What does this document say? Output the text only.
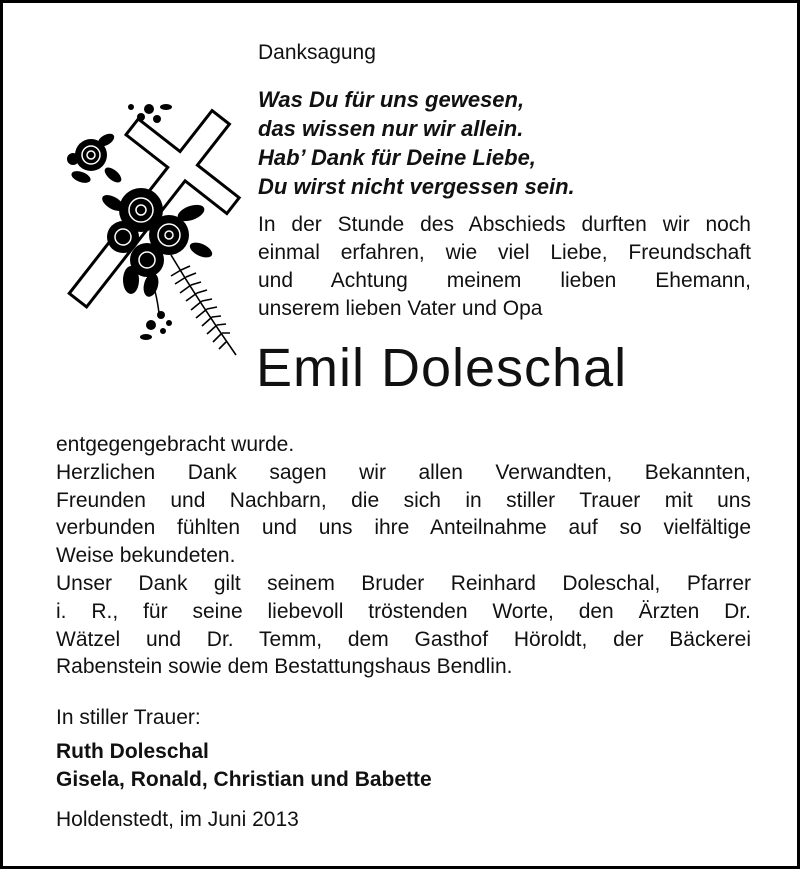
Danksagung
Was Du für uns gewesen,
das wissen nur wir allein.
Hab’ Dank für Deine Liebe,
Du wirst nicht vergessen sein.
In der Stunde des Abschieds durften wir noch
einmal erfahren, wie viel Liebe, Freundschaft
und Achtung meinem lieben Ehemann,
unserem lieben Vater und Opa
Emil Doleschal
entgegengebracht wurde.
Herzlichen Dank sagen wir allen Verwandten, Bekannten,
Freunden und Nachbarn, die sich in stiller Trauer mit uns
verbunden fühlten und uns ihre Anteilnahme auf so vielfältige
Weise bekundeten.
Unser Dank gilt seinem Bruder Reinhard Doleschal, Pfarrer
i. R., für seine liebevoll tröstenden Worte, den Ärzten Dr.
Wätzel und Dr. Temm, dem Gasthof Höroldt, der Bäckerei
Rabenstein sowie dem Bestattungshaus Bendlin.
In stiller Trauer:
Ruth Doleschal
Gisela, Ronald, Christian und Babette
Holdenstedt, im Juni 2013
